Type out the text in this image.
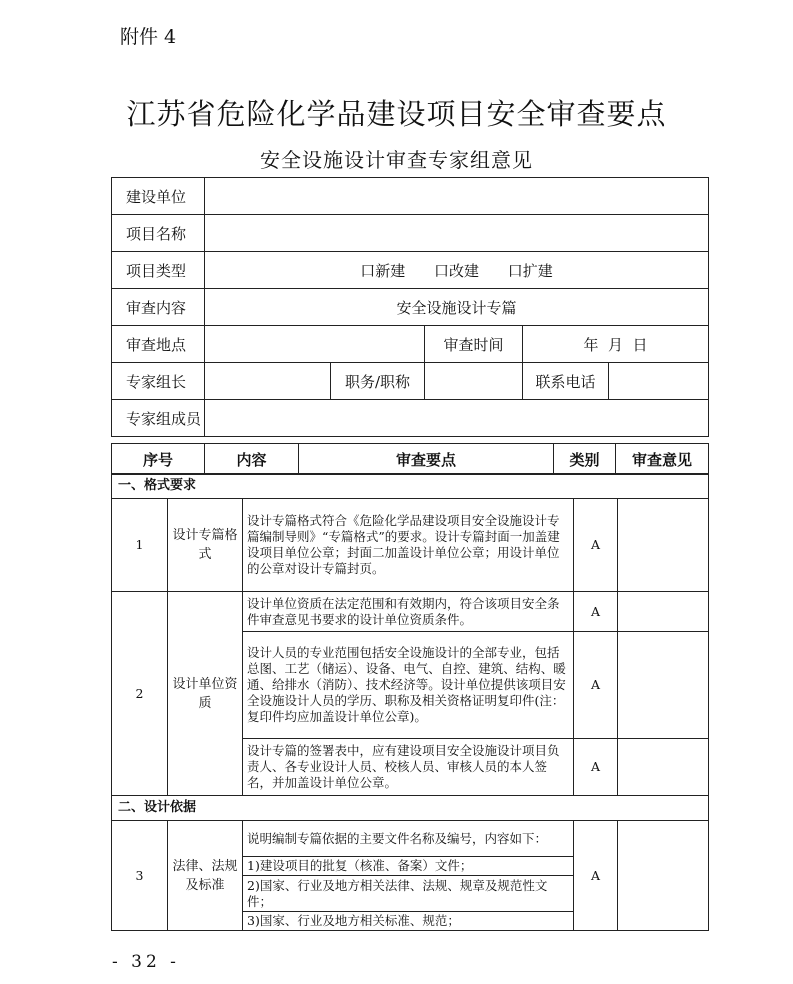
附件 4
江苏省危险化学品建设项目安全审查要点
安全设施设计审查专家组意见
建设单位					
项目名称					
项目类型	口新建 口改建 口扩建				
审查内容	安全设施设计专篇				
审查地点			审查时间	年  月  日	
专家组长		职务/职称		联系电话	
专家组成员					
序号	内容	审查要点	类别	审查意见
一、格式要求				
1	设计专篇格式	设计专篇格式符合《危险化学品建设项目安全设施设计专篇编制导则》“专篇格式”的要求。设计专篇封面一加盖建设项目单位公章；封面二加盖设计单位公章；用设计单位的公章对设计专篇封页。	A	
2	设计单位资质	设计单位资质在法定范围和有效期内，符合该项目安全条件审查意见书要求的设计单位资质条件。	A	
		设计人员的专业范围包括安全设施设计的全部专业，包括总图、工艺（储运）、设备、电气、自控、建筑、结构、暖通、给排水（消防）、技术经济等。设计单位提供该项目安全设施设计人员的学历、职称及相关资格证明复印件(注：复印件均应加盖设计单位公章)。	A	
		设计专篇的签署表中，应有建设项目安全设施设计项目负责人、各专业设计人员、校核人员、审核人员的本人签名，并加盖设计单位公章。	A	
二、设计依据				
3	法律、法规及标准	说明编制专篇依据的主要文件名称及编号，内容如下：	A	
		1)建设项目的批复（核准、备案）文件；		
		2)国家、行业及地方相关法律、法规、规章及规范性文件；		
		3)国家、行业及地方相关标准、规范；		
- 32 -
